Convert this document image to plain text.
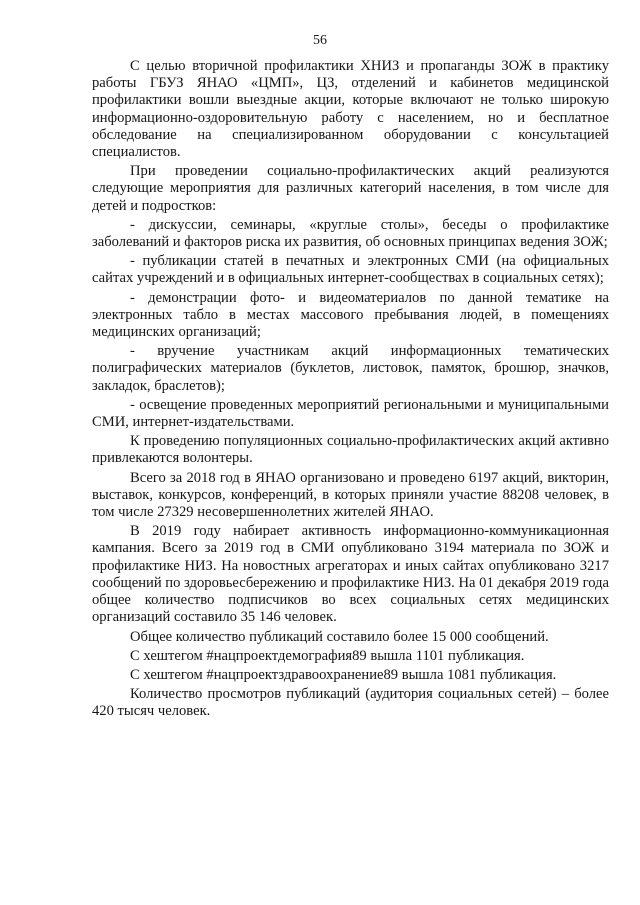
56

С целью вторичной профилактики ХНИЗ и пропаганды ЗОЖ в практику работы ГБУЗ ЯНАО «ЦМП», ЦЗ, отделений и кабинетов медицинской профилактики вошли выездные акции, которые включают не только широкую информационно-оздоровительную работу с населением, но и бесплатное обследование на специализированном оборудовании с консультацией специалистов.

При проведении социально-профилактических акций реализуются следующие мероприятия для различных категорий населения, в том числе для детей и подростков:

- дискуссии, семинары, «круглые столы», беседы о профилактике заболеваний и факторов риска их развития, об основных принципах ведения ЗОЖ;

- публикации статей в печатных и электронных СМИ (на официальных сайтах учреждений и в официальных интернет-сообществах в социальных сетях);

- демонстрации фото- и видеоматериалов по данной тематике на электронных табло в местах массового пребывания людей, в помещениях медицинских организаций;

- вручение участникам акций информационных тематических полиграфических материалов (буклетов, листовок, памяток, брошюр, значков, закладок, браслетов);

- освещение проведенных мероприятий региональными и муниципальными СМИ, интернет-издательствами.

К проведению популяционных социально-профилактических акций активно привлекаются волонтеры.

Всего за 2018 год в ЯНАО организовано и проведено 6197 акций, викторин, выставок, конкурсов, конференций, в которых приняли участие 88208 человек, в том числе 27329 несовершеннолетних жителей ЯНАО.

В 2019 году набирает активность информационно-коммуникационная кампания. Всего за 2019 год в СМИ опубликовано 3194 материала по ЗОЖ и профилактике НИЗ. На новостных агрегаторах и иных сайтах опубликовано 3217 сообщений по здоровьесбережению и профилактике НИЗ. На 01 декабря 2019 года общее количество подписчиков во всех социальных сетях медицинских организаций составило 35 146 человек.

Общее количество публикаций составило более 15 000 сообщений.

С хештегом #нацпроектдемография89 вышла 1101 публикация.

С хештегом #нацпроектздравоохранение89 вышла 1081 публикация.

Количество просмотров публикаций (аудитория социальных сетей) – более 420 тысяч человек.
